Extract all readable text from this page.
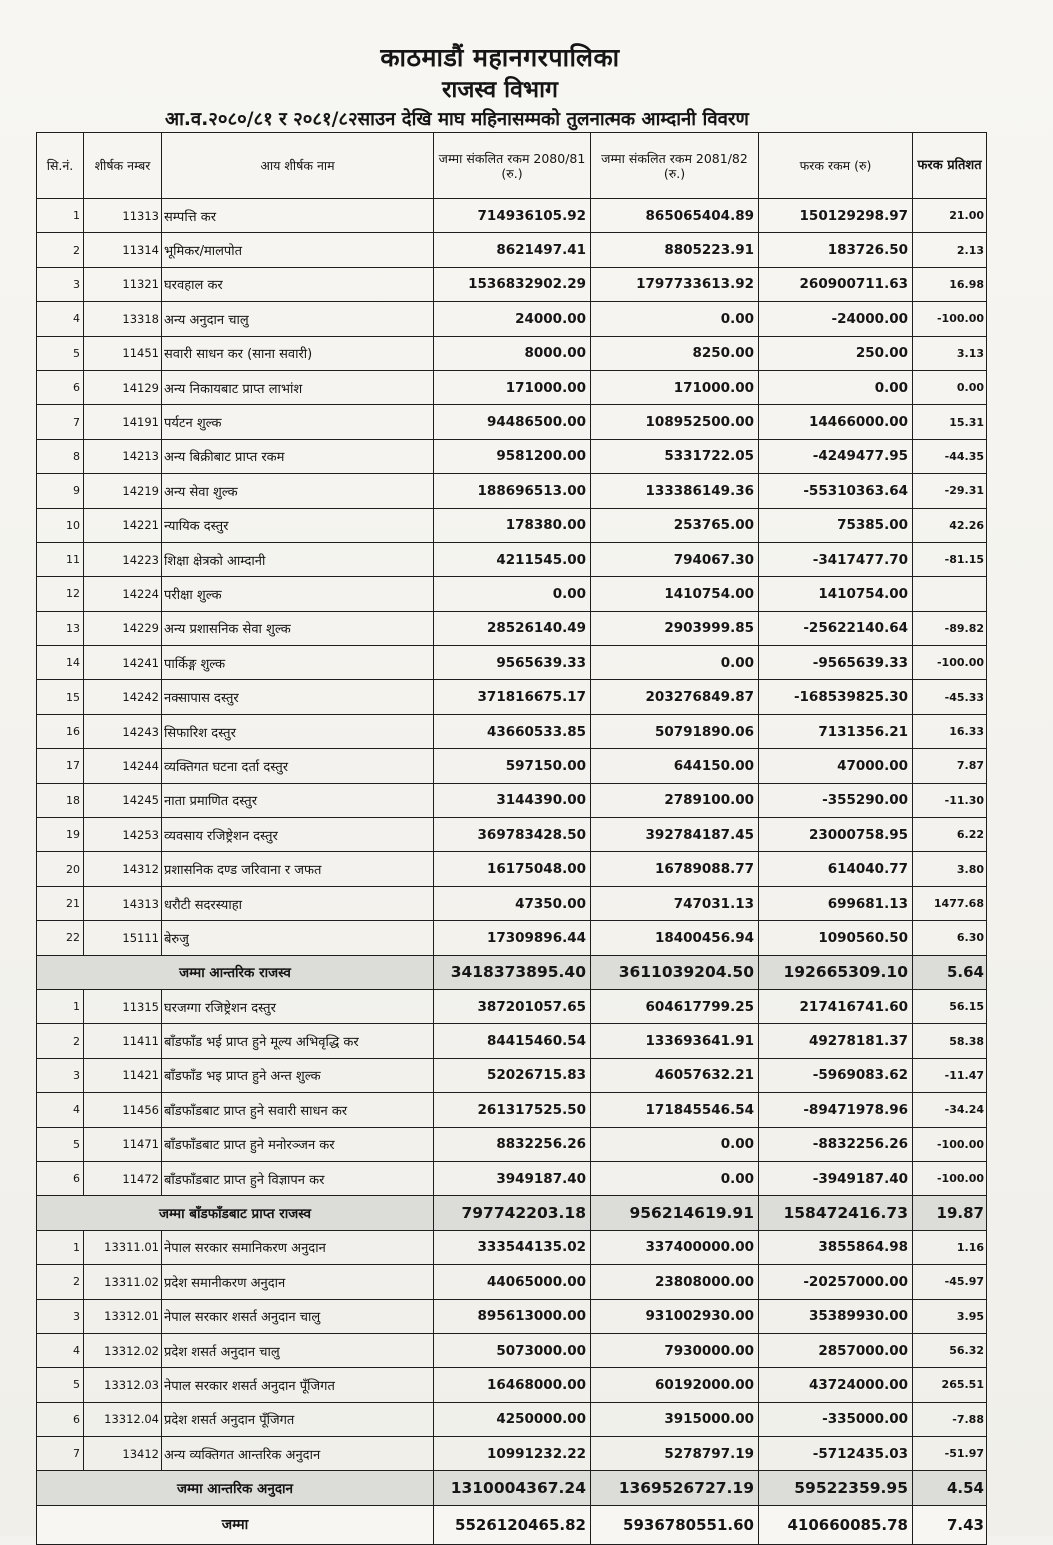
काठमाडौं महानगरपालिका
राजस्व विभाग
आ.व.२०८०/८१ र २०८१/८२साउन देखि माघ महिनासम्मको तुलनात्मक आम्दानी विवरण
सि.नं.	शीर्षक नम्बर	आय शीर्षक नाम	जम्मा संकलित रकम 2080/81 (रु.)	जम्मा संकलित रकम 2081/82 (रु.)	फरक रकम (रु)	फरक प्रतिशत
1	11313	सम्पत्ति कर	714936105.92	865065404.89	150129298.97	21.00
2	11314	भूमिकर/मालपोत	8621497.41	8805223.91	183726.50	2.13
3	11321	घरवहाल कर	1536832902.29	1797733613.92	260900711.63	16.98
4	13318	अन्य अनुदान चालु	24000.00	0.00	-24000.00	-100.00
5	11451	सवारी साधन कर (साना सवारी)	8000.00	8250.00	250.00	3.13
6	14129	अन्य निकायबाट प्राप्त लाभांश	171000.00	171000.00	0.00	0.00
7	14191	पर्यटन शुल्क	94486500.00	108952500.00	14466000.00	15.31
8	14213	अन्य बिक्रीबाट प्राप्त रकम	9581200.00	5331722.05	-4249477.95	-44.35
9	14219	अन्य सेवा शुल्क	188696513.00	133386149.36	-55310363.64	-29.31
10	14221	न्यायिक दस्तुर	178380.00	253765.00	75385.00	42.26
11	14223	शिक्षा क्षेत्रको आम्दानी	4211545.00	794067.30	-3417477.70	-81.15
12	14224	परीक्षा शुल्क	0.00	1410754.00	1410754.00	
13	14229	अन्य प्रशासनिक सेवा शुल्क	28526140.49	2903999.85	-25622140.64	-89.82
14	14241	पार्किङ्ग शुल्क	9565639.33	0.00	-9565639.33	-100.00
15	14242	नक्सापास दस्तुर	371816675.17	203276849.87	-168539825.30	-45.33
16	14243	सिफारिश दस्तुर	43660533.85	50791890.06	7131356.21	16.33
17	14244	व्यक्तिगत घटना दर्ता दस्तुर	597150.00	644150.00	47000.00	7.87
18	14245	नाता प्रमाणित दस्तुर	3144390.00	2789100.00	-355290.00	-11.30
19	14253	व्यवसाय रजिष्ट्रेशन दस्तुर	369783428.50	392784187.45	23000758.95	6.22
20	14312	प्रशासनिक दण्ड जरिवाना र जफत	16175048.00	16789088.77	614040.77	3.80
21	14313	धरौटी सदरस्याहा	47350.00	747031.13	699681.13	1477.68
22	15111	बेरुजु	17309896.44	18400456.94	1090560.50	6.30
जम्मा आन्तरिक राजस्व			3418373895.40	3611039204.50	192665309.10	5.64
1	11315	घरजग्गा रजिष्ट्रेशन दस्तुर	387201057.65	604617799.25	217416741.60	56.15
2	11411	बाँडफाँड भई प्राप्त हुने मूल्य अभिवृद्धि कर	84415460.54	133693641.91	49278181.37	58.38
3	11421	बाँडफाँड भइ प्राप्त हुने अन्त शुल्क	52026715.83	46057632.21	-5969083.62	-11.47
4	11456	बाँडफाँडबाट प्राप्त हुने सवारी साधन कर	261317525.50	171845546.54	-89471978.96	-34.24
5	11471	बाँडफाँडबाट प्राप्त हुने मनोरञ्जन कर	8832256.26	0.00	-8832256.26	-100.00
6	11472	बाँडफाँडबाट प्राप्त हुने विज्ञापन कर	3949187.40	0.00	-3949187.40	-100.00
जम्मा बाँडफाँडबाट प्राप्त राजस्व			797742203.18	956214619.91	158472416.73	19.87
1	13311.01	नेपाल सरकार समानिकरण अनुदान	333544135.02	337400000.00	3855864.98	1.16
2	13311.02	प्रदेश समानीकरण अनुदान	44065000.00	23808000.00	-20257000.00	-45.97
3	13312.01	नेपाल सरकार शसर्त अनुदान चालु	895613000.00	931002930.00	35389930.00	3.95
4	13312.02	प्रदेश शसर्त अनुदान चालु	5073000.00	7930000.00	2857000.00	56.32
5	13312.03	नेपाल सरकार शसर्त अनुदान पूँजिगत	16468000.00	60192000.00	43724000.00	265.51
6	13312.04	प्रदेश शसर्त अनुदान पूँजिगत	4250000.00	3915000.00	-335000.00	-7.88
7	13412	अन्य व्यक्तिगत आन्तरिक अनुदान	10991232.22	5278797.19	-5712435.03	-51.97
जम्मा आन्तरिक अनुदान			1310004367.24	1369526727.19	59522359.95	4.54
जम्मा			5526120465.82	5936780551.60	410660085.78	7.43
